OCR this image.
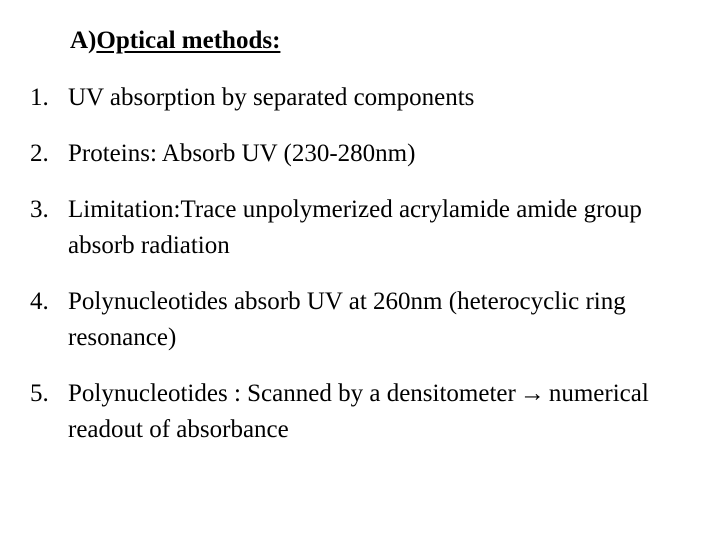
A)Optical methods:
1. UV absorption by separated components
2. Proteins: Absorb UV (230-280nm)
3. Limitation:Trace unpolymerized acrylamide amide group absorb radiation
4. Polynucleotides absorb UV at 260nm (heterocyclic ring resonance)
5. Polynucleotides : Scanned by a densitometer → numerical readout of absorbance
